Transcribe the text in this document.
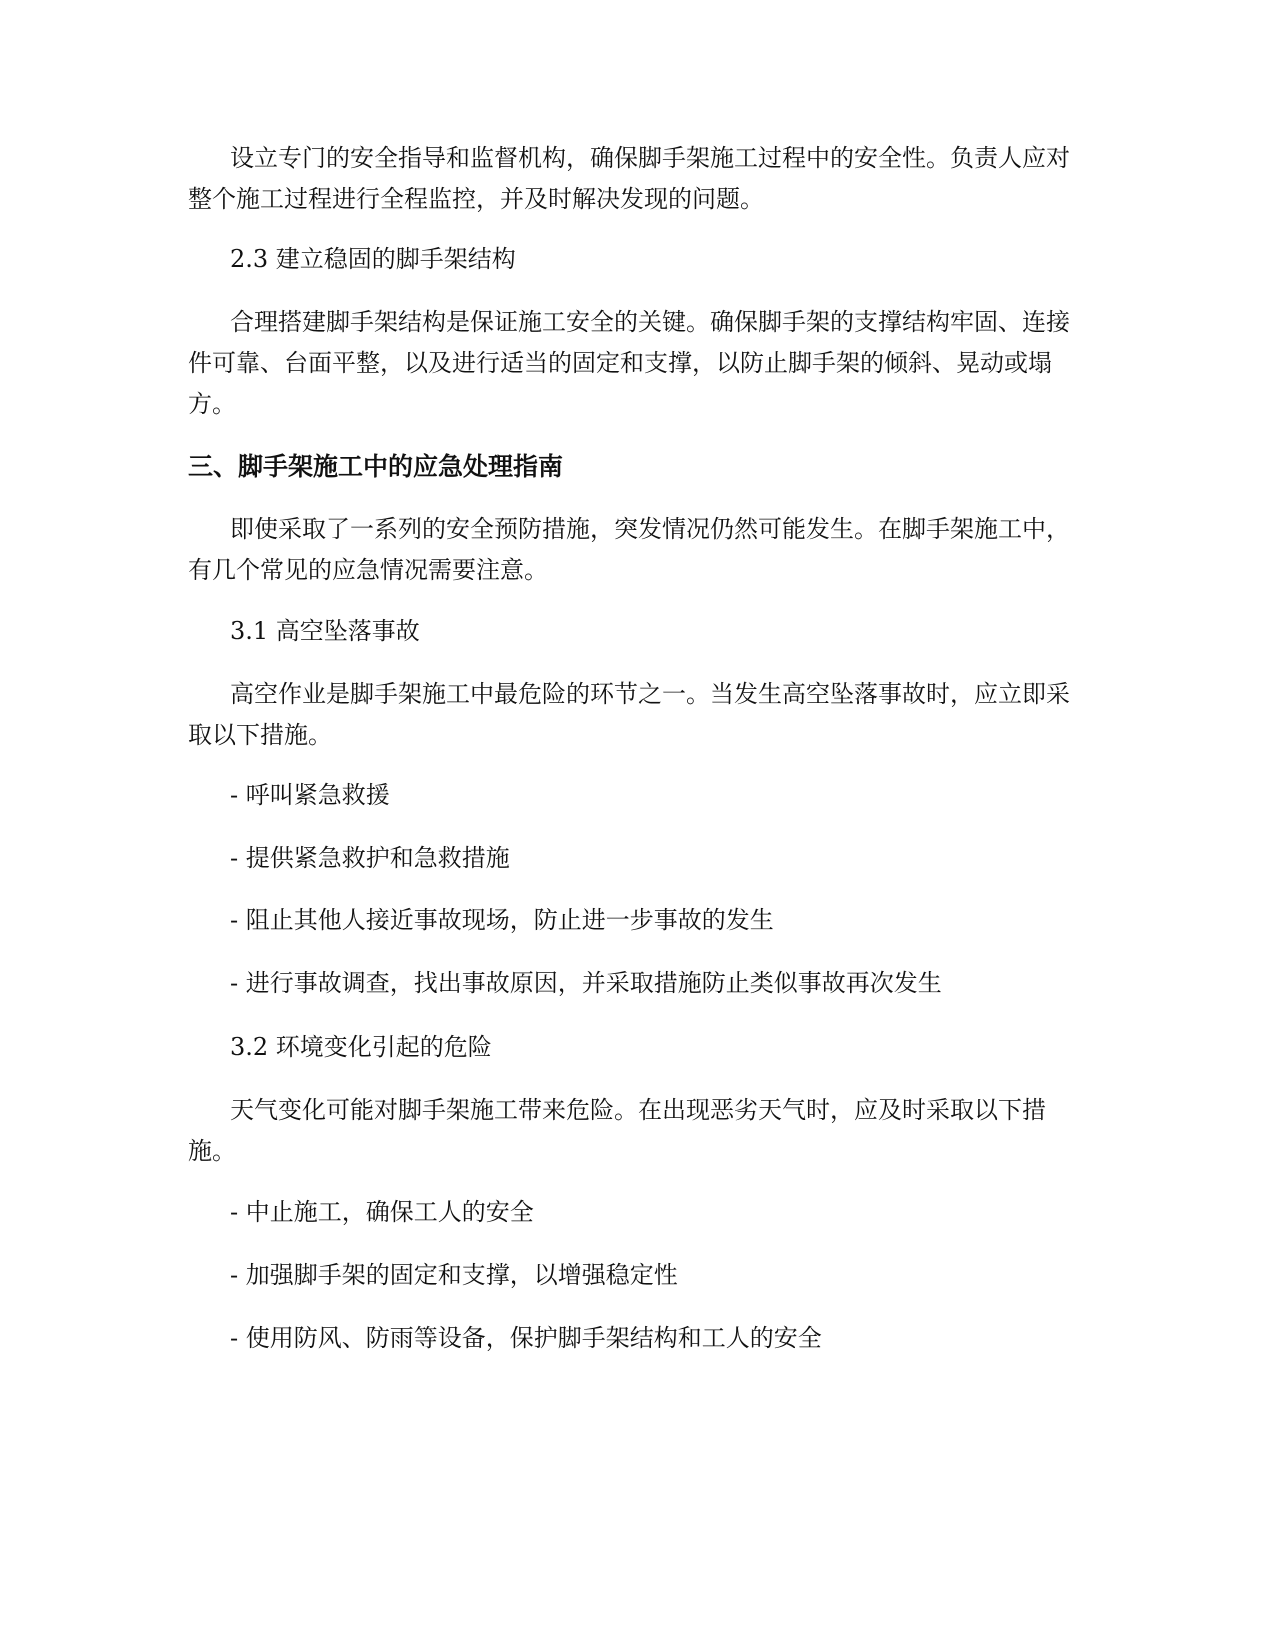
设立专门的安全指导和监督机构，确保脚手架施工过程中的安全性。负责人应对整个施工过程进行全程监控，并及时解决发现的问题。

2.3 建立稳固的脚手架结构

合理搭建脚手架结构是保证施工安全的关键。确保脚手架的支撑结构牢固、连接件可靠、台面平整，以及进行适当的固定和支撑，以防止脚手架的倾斜、晃动或塌方。

三、脚手架施工中的应急处理指南

即使采取了一系列的安全预防措施，突发情况仍然可能发生。在脚手架施工中，有几个常见的应急情况需要注意。

3.1 高空坠落事故

高空作业是脚手架施工中最危险的环节之一。当发生高空坠落事故时，应立即采取以下措施。

- 呼叫紧急救援

- 提供紧急救护和急救措施

- 阻止其他人接近事故现场，防止进一步事故的发生

- 进行事故调查，找出事故原因，并采取措施防止类似事故再次发生

3.2 环境变化引起的危险

天气变化可能对脚手架施工带来危险。在出现恶劣天气时，应及时采取以下措施。

- 中止施工，确保工人的安全

- 加强脚手架的固定和支撑，以增强稳定性

- 使用防风、防雨等设备，保护脚手架结构和工人的安全
